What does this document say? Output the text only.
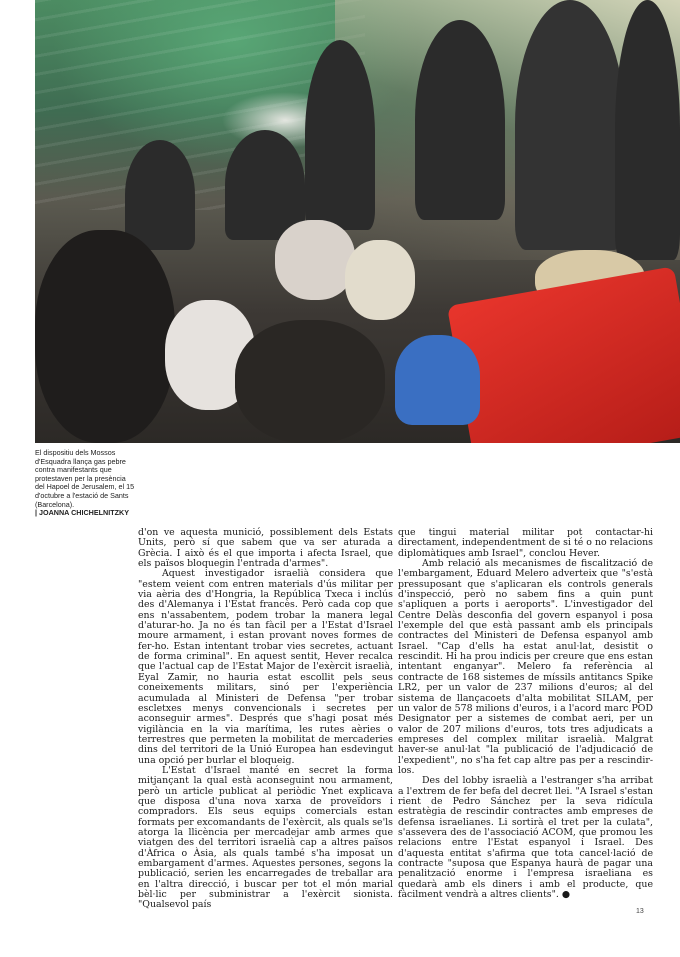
El dispositiu dels Mossos d'Esquadra llança gas pebre contra manifestants que protestaven per la presència del Hapoel de Jerusalem, el 15 d'octubre a l'estació de Sants (Barcelona).
| JOANNA CHICHELNITZKY

d'on ve aquesta munició, possiblement dels Estats Units, però sí que sabem que va ser aturada a Grècia. I això és el que importa i afecta Israel, que els països bloquegin l'entrada d'armes".

Aquest investigador israelià considera que "estem veient com entren materials d'ús militar per via aèria des d'Hongria, la República Txeca i inclús des d'Alemanya i l'Estat francès. Però cada cop que ens n'assabentem, podem trobar la manera legal d'aturar-ho. Ja no és tan fàcil per a l'Estat d'Israel moure armament, i estan provant noves formes de fer-ho. Estan intentant trobar vies secretes, actuant de forma criminal". En aquest sentit, Hever recalca que l'actual cap de l'Estat Major de l'exèrcit israelià, Eyal Zamir, no hauria estat escollit pels seus coneixements militars, sinó per l'experiència acumulada al Ministeri de Defensa "per trobar escletxes menys convencionals i secretes per aconseguir armes". Després que s'hagi posat més vigilància en la via marítima, les rutes aèries o terrestres que permeten la mobilitat de mercaderies dins del territori de la Unió Europea han esdevingut una opció per burlar el bloqueig.

L'Estat d'Israel manté en secret la forma mitjançant la qual està aconseguint nou armament, però un article publicat al periòdic Ynet explicava que disposa d'una nova xarxa de proveïdors i compradors. Els seus equips comercials estan formats per excomandants de l'exèrcit, als quals se'ls atorga la llicència per mercadejar amb armes que viatgen des del territori israelià cap a altres països d'Àfrica o Àsia, als quals també s'ha imposat un embargament d'armes. Aquestes persones, segons la publicació, serien les encarregades de treballar ara en l'altra direcció, i buscar per tot el món marial bèl·lic per subministrar a l'exèrcit sionista. "Qualsevol país

que tingui material militar pot contactar-hi directament, independentment de si té o no relacions diplomàtiques amb Israel", conclou Hever.

Amb relació als mecanismes de fiscalització de l'embargament, Eduard Melero adverteix que "s'està pressuposant que s'aplicaran els controls generals d'inspecció, però no sabem fins a quin punt s'apliquen a ports i aeroports". L'investigador del Centre Delàs desconfia del govern espanyol i posa l'exemple del que està passant amb els principals contractes del Ministeri de Defensa espanyol amb Israel. "Cap d'ells ha estat anul·lat, desistit o rescindit. Hi ha prou indicis per creure que ens estan intentant enganyar". Melero fa referència al contracte de 168 sistemes de míssils antitancs Spike LR2, per un valor de 237 milions d'euros; al del sistema de llançacoets d'alta mobilitat SILAM, per un valor de 578 milions d'euros, i a l'acord marc POD Designator per a sistemes de combat aeri, per un valor de 207 milions d'euros, tots tres adjudicats a empreses del complex militar israelià. Malgrat haver-se anul·lat "la publicació de l'adjudicació de l'expedient", no s'ha fet cap altre pas per a rescindir-los.

Des del lobby israelià a l'estranger s'ha arribat a l'extrem de fer befa del decret llei. "A Israel s'estan rient de Pedro Sánchez per la seva ridícula estratègia de rescindir contractes amb empreses de defensa israelianes. Li sortirà el tret per la culata", s'assevera des de l'associació ACOM, que promou les relacions entre l'Estat espanyol i Israel. Des d'aquesta entitat s'afirma que tota cancel·lació de contracte "suposa que Espanya haurà de pagar una penalització enorme i l'empresa israeliana es quedarà amb els diners i amb el producte, que fàcilment vendrà a altres clients". ●

13
